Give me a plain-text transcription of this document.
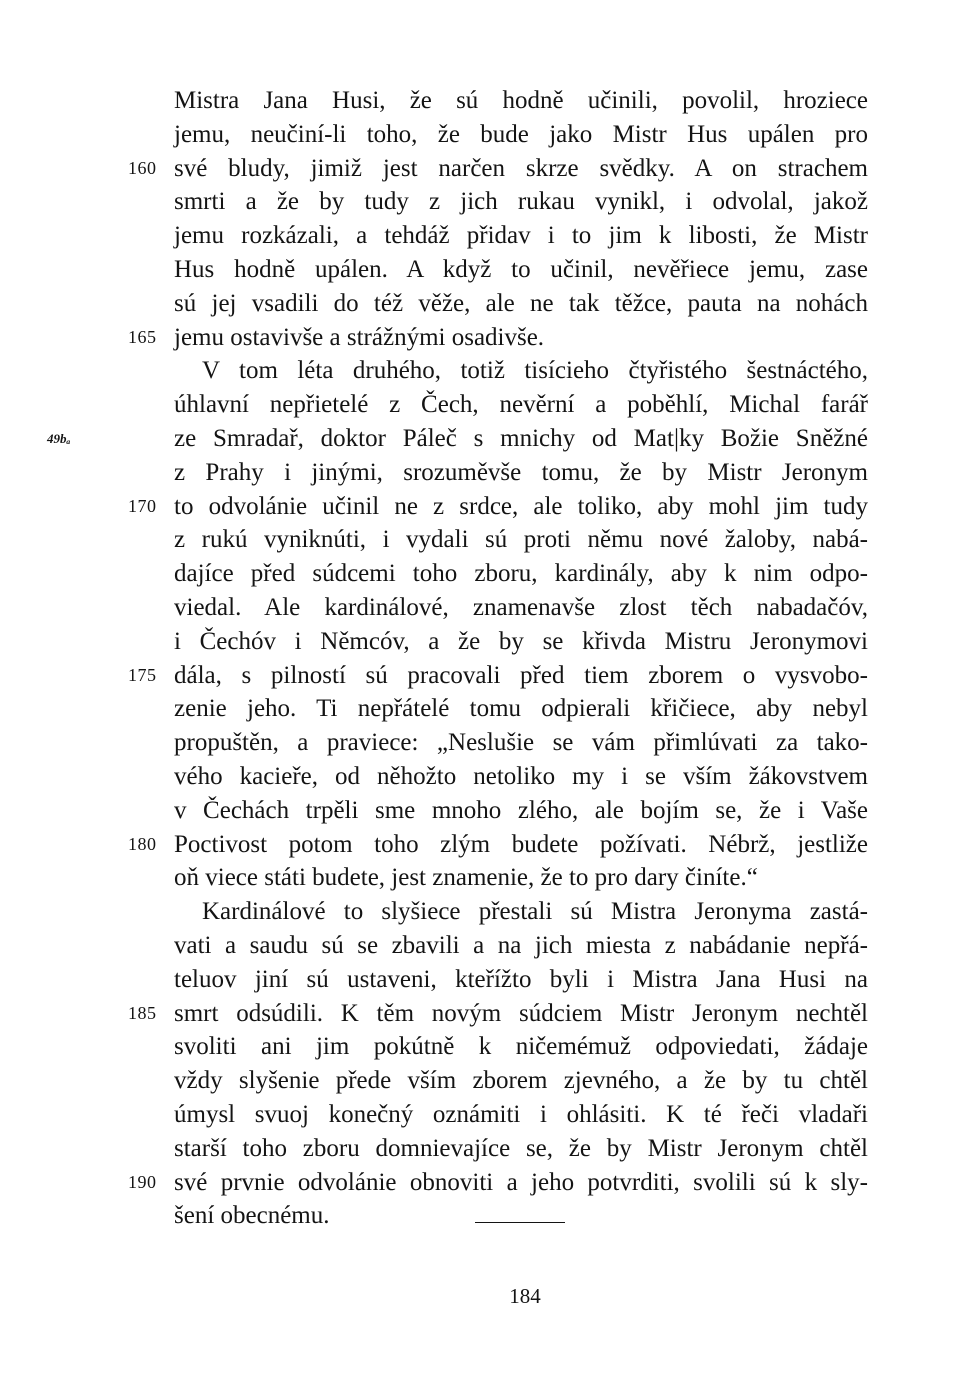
Mistra Jana Husi, že sú hodně učinili, povolil, hroziece
jemu, neučiní-li toho, že bude jako Mistr Hus upálen pro
160 své bludy, jimiž jest narčen skrze svědky. A on strachem
smrti a že by tudy z jich rukau vynikl, i odvolal, jakož
jemu rozkázali, a tehdáž přidav i to jim k libosti, že Mistr
Hus hodně upálen. A když to učinil, nevěřiece jemu, zase
sú jej vsadili do též věže, ale ne tak těžce, pauta na nohách
165 jemu ostavivše a strážnými osadivše.
V tom léta druhého, totiž tisícieho čtyřistého šestnáctého,
úhlavní nepřietelé z Čech, nevěrní a poběhlí, Michal farář
49bₐ	ze Smradař, doktor Páleč s mnichy od Mat|ky Božie Sněžné
z Prahy i jinými, srozuměvše tomu, že by Mistr Jeronym
170 to odvolánie učinil ne z srdce, ale toliko, aby mohl jim tudy
z rukú vyniknúti, i vydali sú proti němu nové žaloby, nabá-
dajíce před súdcemi toho zboru, kardinály, aby k nim odpo-
viedal. Ale kardinálové, znamenavše zlost těch nabadačóv,
i Čechóv i Němcóv, a že by se křivda Mistru Jeronymovi
175 dála, s pilností sú pracovali před tiem zborem o vysvobo-
zenie jeho. Ti nepřátelé tomu odpierali křičiece, aby nebyl
propuštěn, a praviece: „Neslušie se vám přimlúvati za tako-
vého kacieře, od něhožto netoliko my i se vším žákovstvem
v Čechách trpěli sme mnoho zlého, ale bojím se, že i Vaše
180 Poctivost potom toho zlým budete požívati. Nébrž, jestliže
oň viece státi budete, jest znamenie, že to pro dary činíte.“
Kardinálové to slyšiece přestali sú Mistra Jeronyma zastá-
vati a saudu sú se zbavili a na jich miesta z nabádanie nepřá-
teluov jiní sú ustaveni, kteřížto byli i Mistra Jana Husi na
185 smrt odsúdili. K těm novým súdciem Mistr Jeronym nechtěl
svoliti ani jim pokútně k ničemémuž odpoviedati, žádaje
vždy slyšenie přede vším zborem zjevného, a že by tu chtěl
úmysl svuoj konečný oznámiti i ohlásiti. K té řeči vladaři
starší toho zboru domnievajíce se, že by Mistr Jeronym chtěl
190 své prvnie odvolánie obnoviti a jeho potvrditi, svolili sú k sly-
šení obecnému.
184
